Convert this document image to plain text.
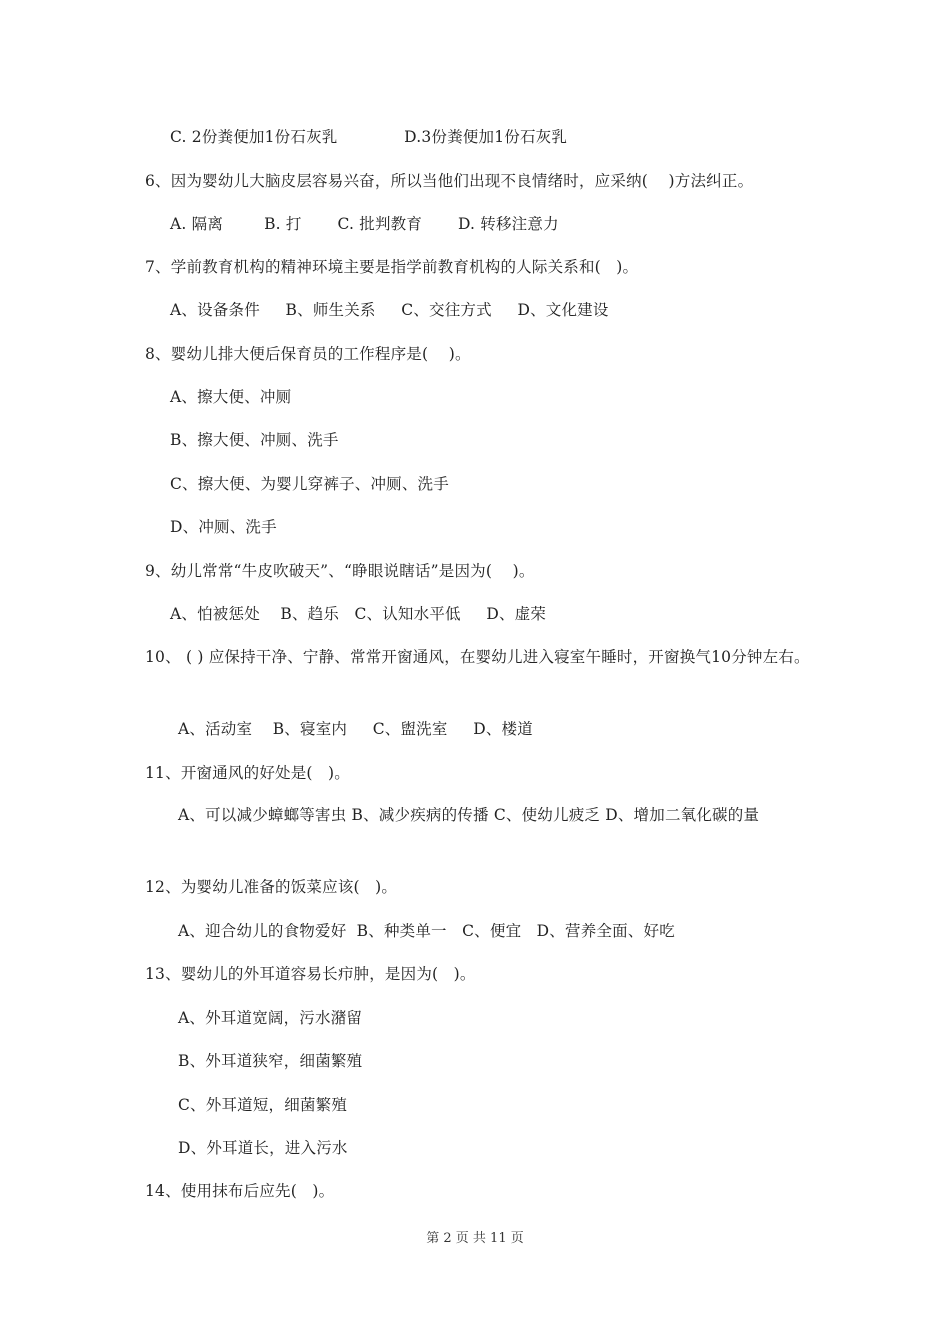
C. 2份粪便加1份石灰乳             D.3份粪便加1份石灰乳
6、因为婴幼儿大脑皮层容易兴奋，所以当他们出现不良情绪时，应采纳(    )方法纠正。
A. 隔离        B. 打       C. 批判教育       D. 转移注意力
7、学前教育机构的精神环境主要是指学前教育机构的人际关系和(   )。
A、设备条件     B、师生关系     C、交往方式     D、文化建设
8、婴幼儿排大便后保育员的工作程序是(    )。
A、擦大便、冲厕
B、擦大便、冲厕、洗手
C、擦大便、为婴儿穿裤子、冲厕、洗手
D、冲厕、洗手
9、幼儿常常“牛皮吹破天”、“睁眼说瞎话”是因为(    )。
A、怕被惩处    B、趋乐   C、认知水平低     D、虚荣
10、 ( ) 应保持干净、宁静、常常开窗通风，在婴幼儿进入寝室午睡时，开窗换气10分钟左右。
A、活动室    B、寝室内     C、盥洗室     D、楼道
11、开窗通风的好处是(   )。
A、可以减少蟑螂等害虫 B、减少疾病的传播 C、使幼儿疲乏 D、增加二氧化碳的量
12、为婴幼儿准备的饭菜应该(   )。
A、迎合幼儿的食物爱好  B、种类单一   C、便宜   D、营养全面、好吃
13、婴幼儿的外耳道容易长疖肿，是因为(   )。
A、外耳道宽阔，污水潴留
B、外耳道狭窄，细菌繁殖
C、外耳道短，细菌繁殖
D、外耳道长，进入污水
14、使用抹布后应先(   )。
第 2 页 共 11 页
